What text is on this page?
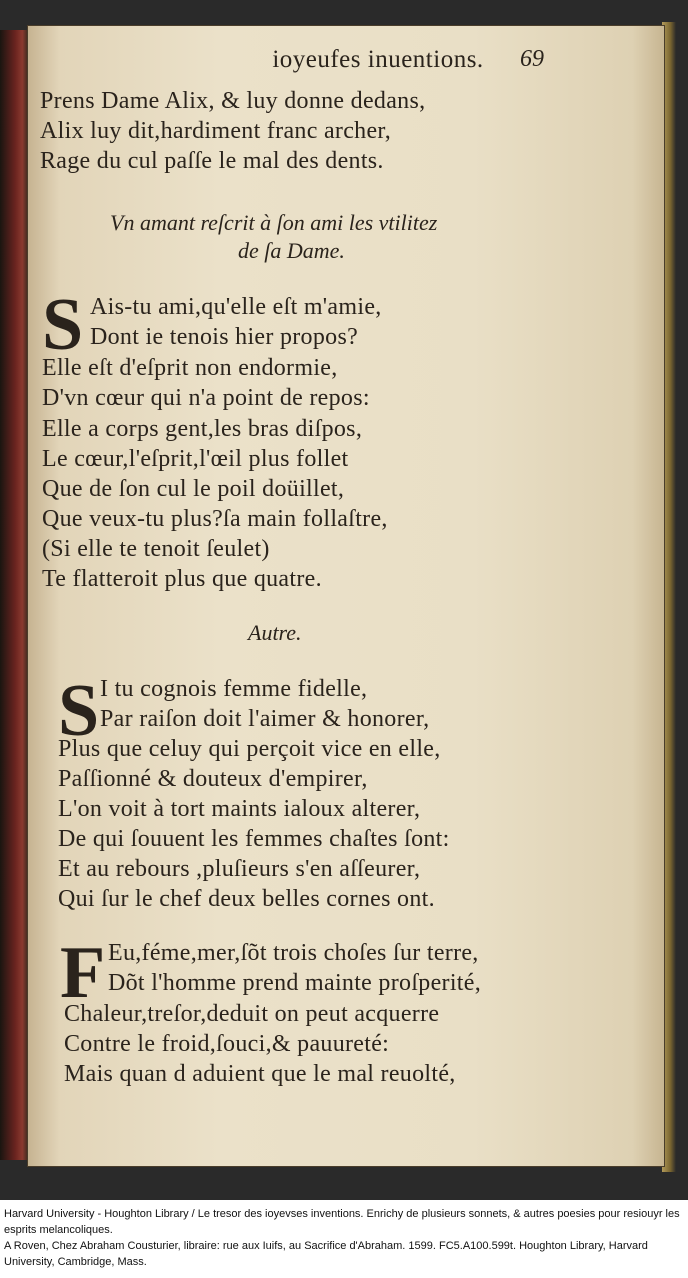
ioyeufes inuentions.	69
Prens Dame Alix, & luy donne dedans,
Alix luy dit,hardiment franc archer,
Rage du cul paſſe le mal des dents.
Vn amant reſcrit à ſon ami les vtilitez
de ſa Dame.
S Ais-tu ami,qu'elle eſt m'amie,
Dont ie tenois hier propos?
Elle eſt d'eſprit non endormie,
D'vn cœur qui n'a point de repos:
Elle a corps gent,les bras diſpos,
Le cœur,l'eſprit,l'œil plus follet
Que de ſon cul le poil doüillet,
Que veux-tu plus?ſa main follaſtre,
(Si elle te tenoit ſeulet)
Te flatteroit plus que quatre.
Autre.
S I tu cognois femme fidelle,
Par raiſon doit l'aimer & honorer,
Plus que celuy qui perçoit vice en elle,
Paſſionné & douteux d'empirer,
L'on voit à tort maints ialoux alterer,
De qui ſouuent les femmes chaſtes ſont:
Et au rebours ,pluſieurs s'en aſſeurer,
Qui ſur le chef deux belles cornes ont.
F Eu,féme,mer,ſõt trois choſes ſur terre,
Dõt l'homme prend mainte proſperité,
Chaleur,treſor,deduit on peut acquerre
Contre le froid,ſouci,& pauureté:
Mais quan d aduient que le mal reuolté,
Harvard University - Houghton Library / Le tresor des ioyevses inventions. Enrichy de plusieurs sonnets, & autres poesies pour resiouyr les esprits melancoliques.
A Roven, Chez Abraham Cousturier, libraire: rue aux Iuifs, au Sacrifice d'Abraham. 1599. FC5.A100.599t. Houghton Library, Harvard University, Cambridge, Mass.
